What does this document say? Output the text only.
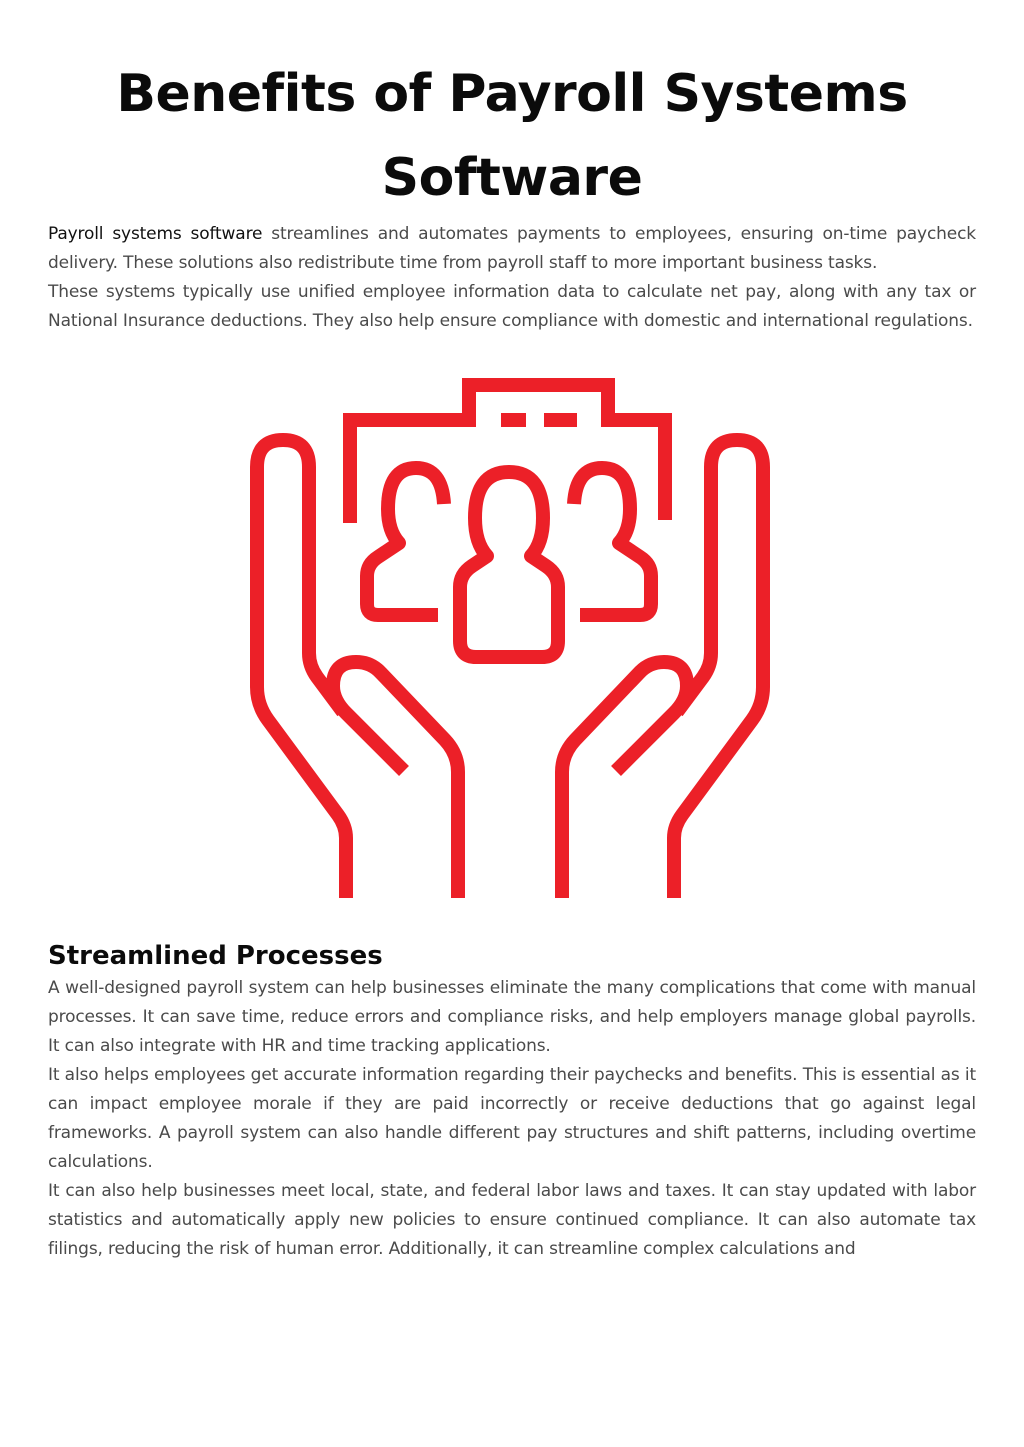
Benefits of Payroll Systems
Software

Payroll systems software streamlines and automates payments to employees, ensuring on-time paycheck delivery. These solutions also redistribute time from payroll staff to more important business tasks.

These systems typically use unified employee information data to calculate net pay, along with any tax or National Insurance deductions. They also help ensure compliance with domestic and international regulations.

Streamlined Processes

A well-designed payroll system can help businesses eliminate the many complications that come with manual processes. It can save time, reduce errors and compliance risks, and help employers manage global payrolls. It can also integrate with HR and time tracking applications.

It also helps employees get accurate information regarding their paychecks and benefits. This is essential as it can impact employee morale if they are paid incorrectly or receive deductions that go against legal frameworks. A payroll system can also handle different pay structures and shift patterns, including overtime calculations.

It can also help businesses meet local, state, and federal labor laws and taxes. It can stay updated with labor statistics and automatically apply new policies to ensure continued compliance. It can also automate tax filings, reducing the risk of human error. Additionally, it can streamline complex calculations and
